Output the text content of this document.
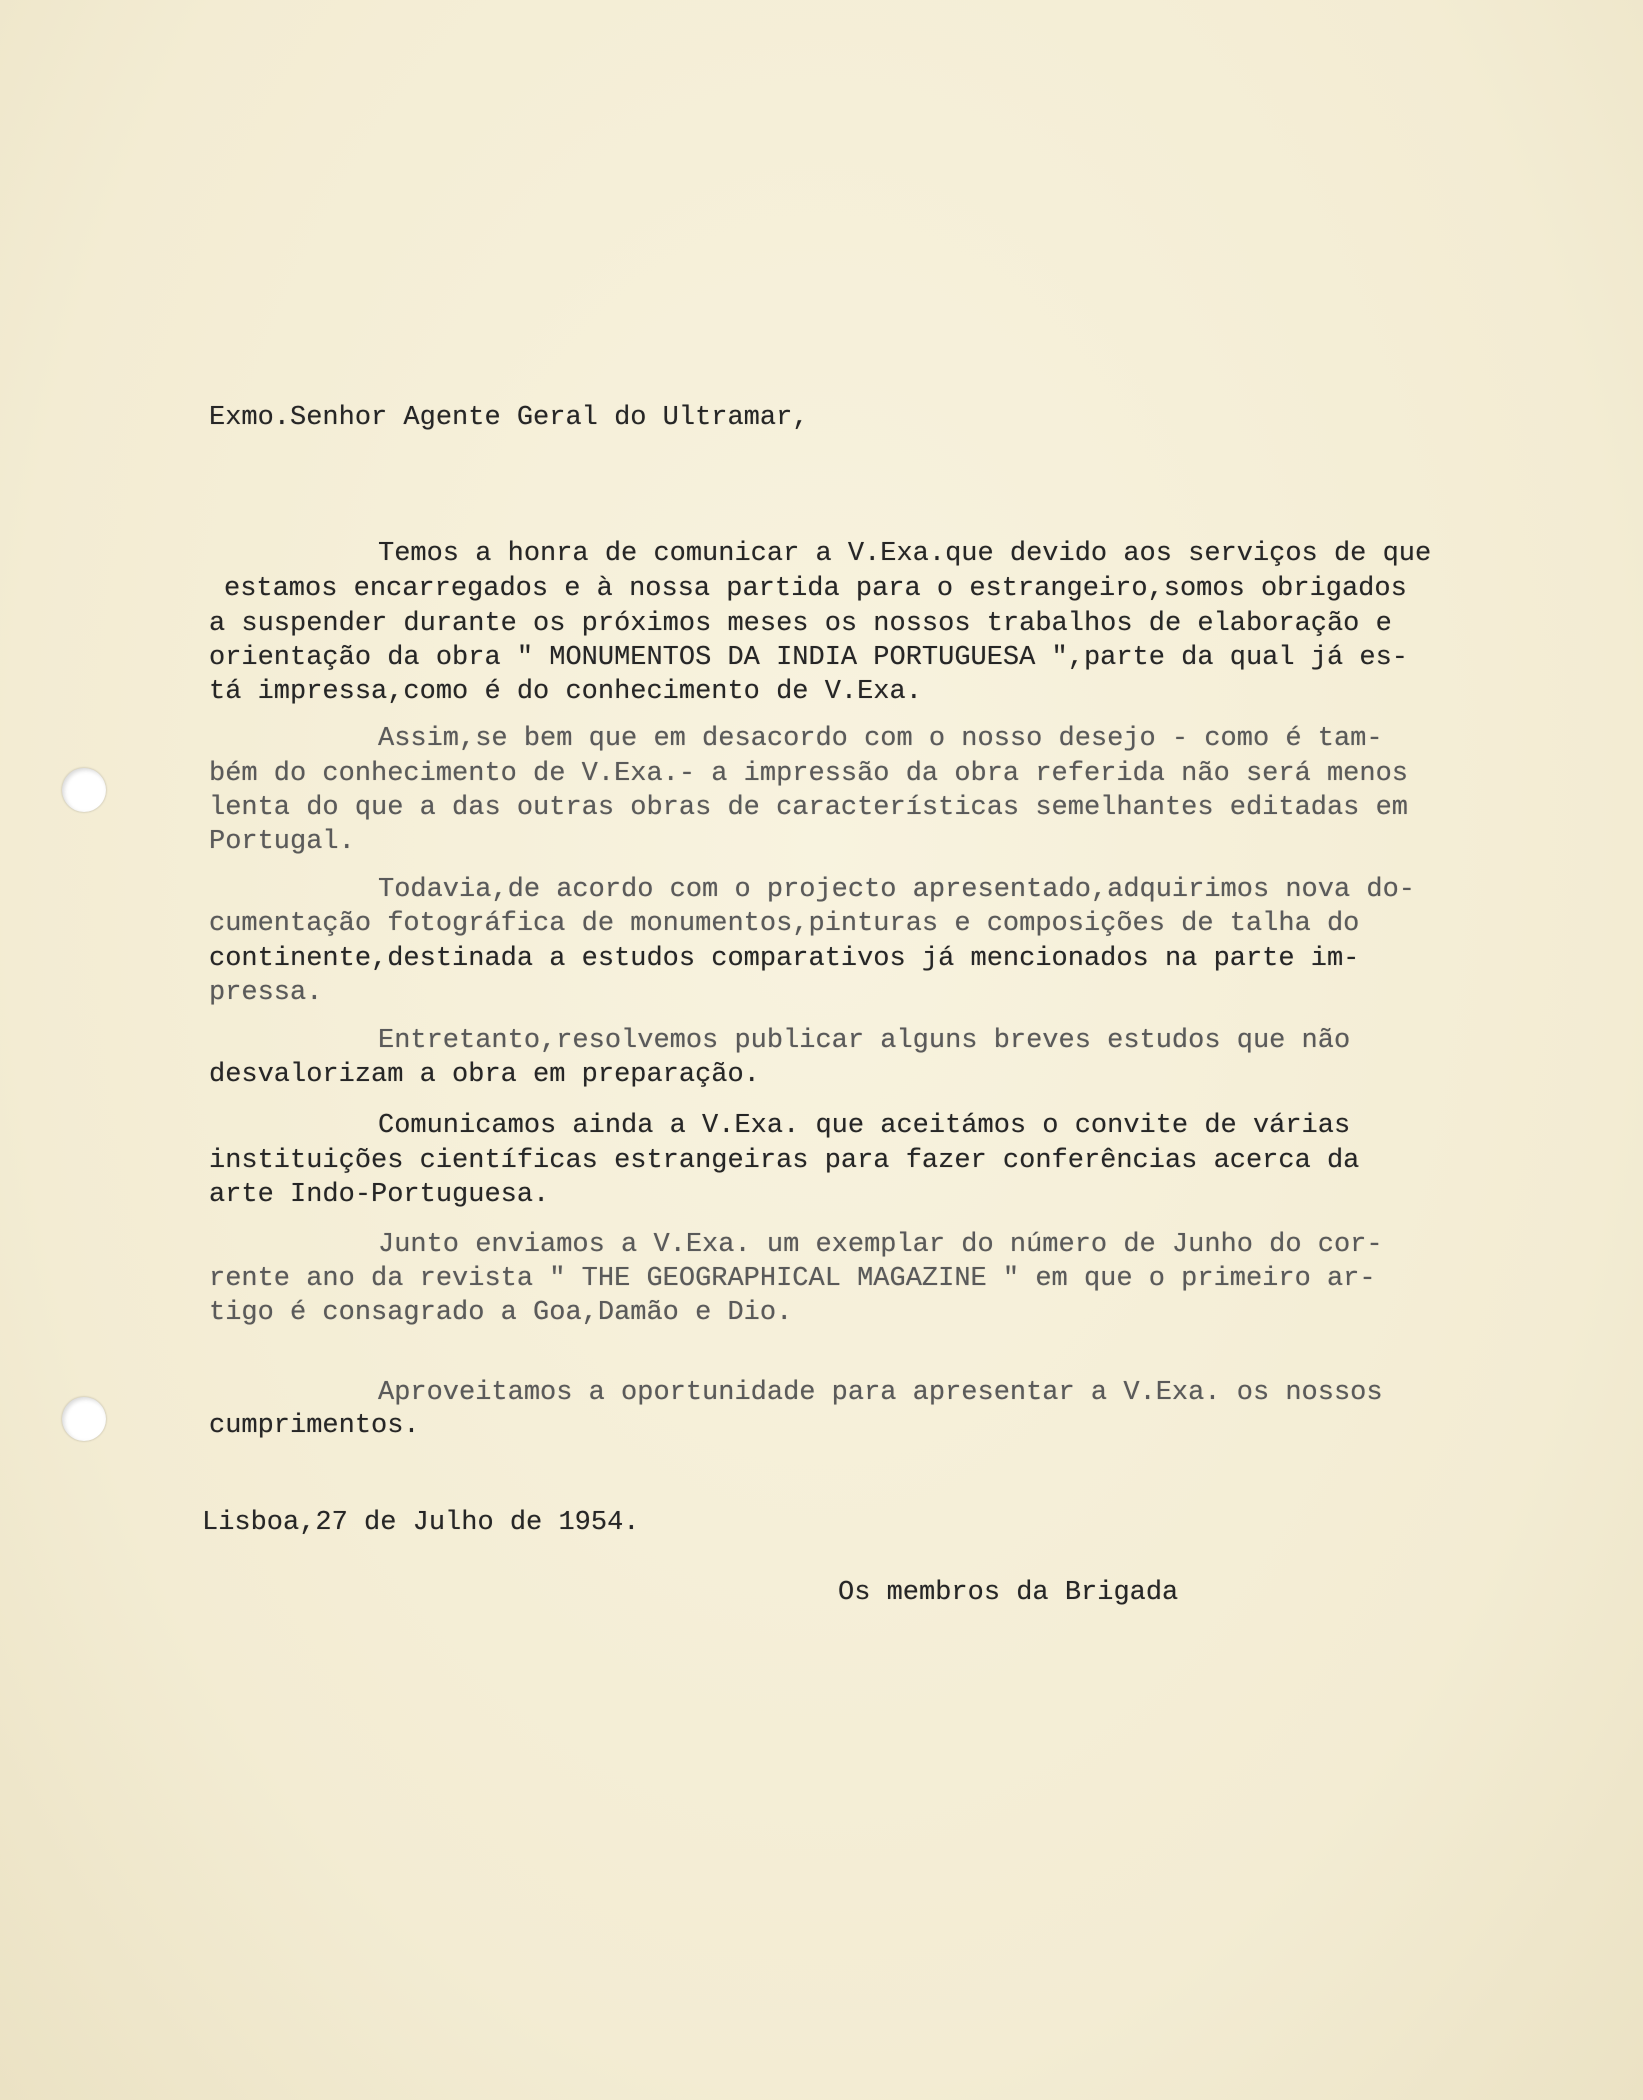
Exmo.Senhor Agente Geral do Ultramar,
Temos a honra de comunicar a V.Exa.que devido aos serviços de que
estamos encarregados e à nossa partida para o estrangeiro,somos obrigados
a suspender durante os próximos meses os nossos trabalhos de elaboração e
orientação da obra " MONUMENTOS DA INDIA PORTUGUESA ",parte da qual já es-
tá impressa,como é do conhecimento de V.Exa.
Assim,se bem que em desacordo com o nosso desejo - como é tam-
bém do conhecimento de V.Exa.- a impressão da obra referida não será menos
lenta do que a das outras obras de características semelhantes editadas em
Portugal.
Todavia,de acordo com o projecto apresentado,adquirimos nova do-
cumentação fotográfica de monumentos,pinturas e composições de talha do
continente,destinada a estudos comparativos já mencionados na parte im-
pressa.
Entretanto,resolvemos publicar alguns breves estudos que não
desvalorizam a obra em preparação.
Comunicamos ainda a V.Exa. que aceitámos o convite de várias
instituições científicas estrangeiras para fazer conferências acerca da
arte Indo-Portuguesa.
Junto enviamos a V.Exa. um exemplar do número de Junho do cor-
rente ano da revista " THE GEOGRAPHICAL MAGAZINE " em que o primeiro ar-
tigo é consagrado a Goa,Damão e Dio.
Aproveitamos a oportunidade para apresentar a V.Exa. os nossos
cumprimentos.
Lisboa,27 de Julho de 1954.
Os membros da Brigada
